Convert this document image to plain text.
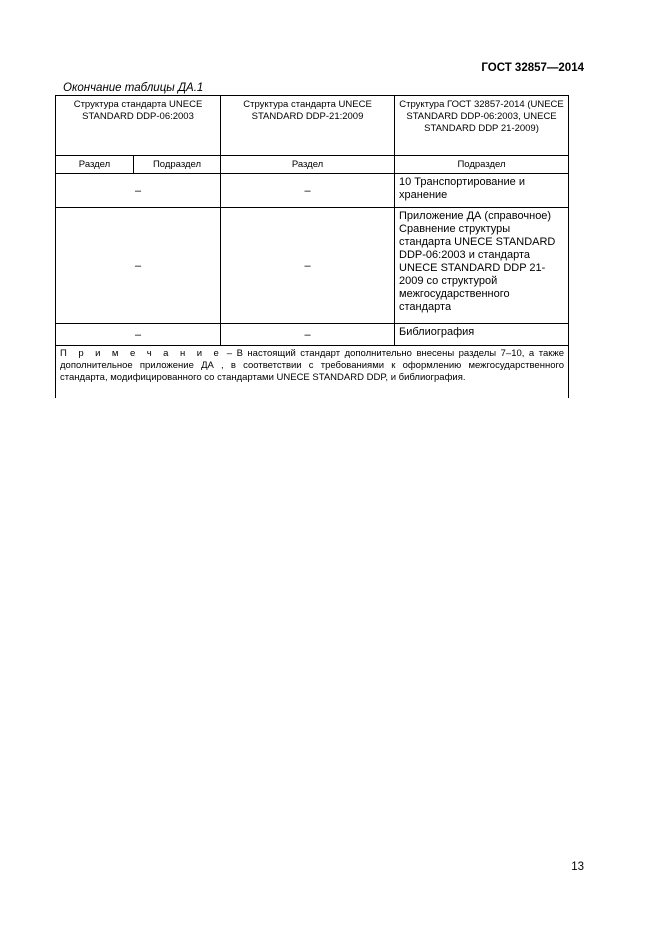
ГОСТ 32857—2014
Окончание таблицы ДА.1
Структура стандарта UNECE STANDARD DDP-06:2003		Структура стандарта UNECE STANDARD DDP-21:2009	Структура ГОСТ 32857-2014 (UNECE STANDARD DDP-06:2003, UNECE STANDARD DDP 21-2009)
Раздел	Подраздел	Раздел	Подраздел
–		–	10 Транспортирование и хранение
–		–	Приложение ДА (справочное) Сравнение структуры стандарта UNECE STANDARD DDP-06:2003 и стандарта UNECE STANDARD DDP 21-2009 со структурой межгосударственного стандарта
–		–	Библиография

П р и м е ч а н и е – В настоящий стандарт дополнительно внесены разделы 7–10, а также дополнительное приложение ДА , в соответствии с требованиями к оформлению межгосударственного стандарта, модифицированного со стандартами UNECE STANDARD DDP, и библиография.			
13
